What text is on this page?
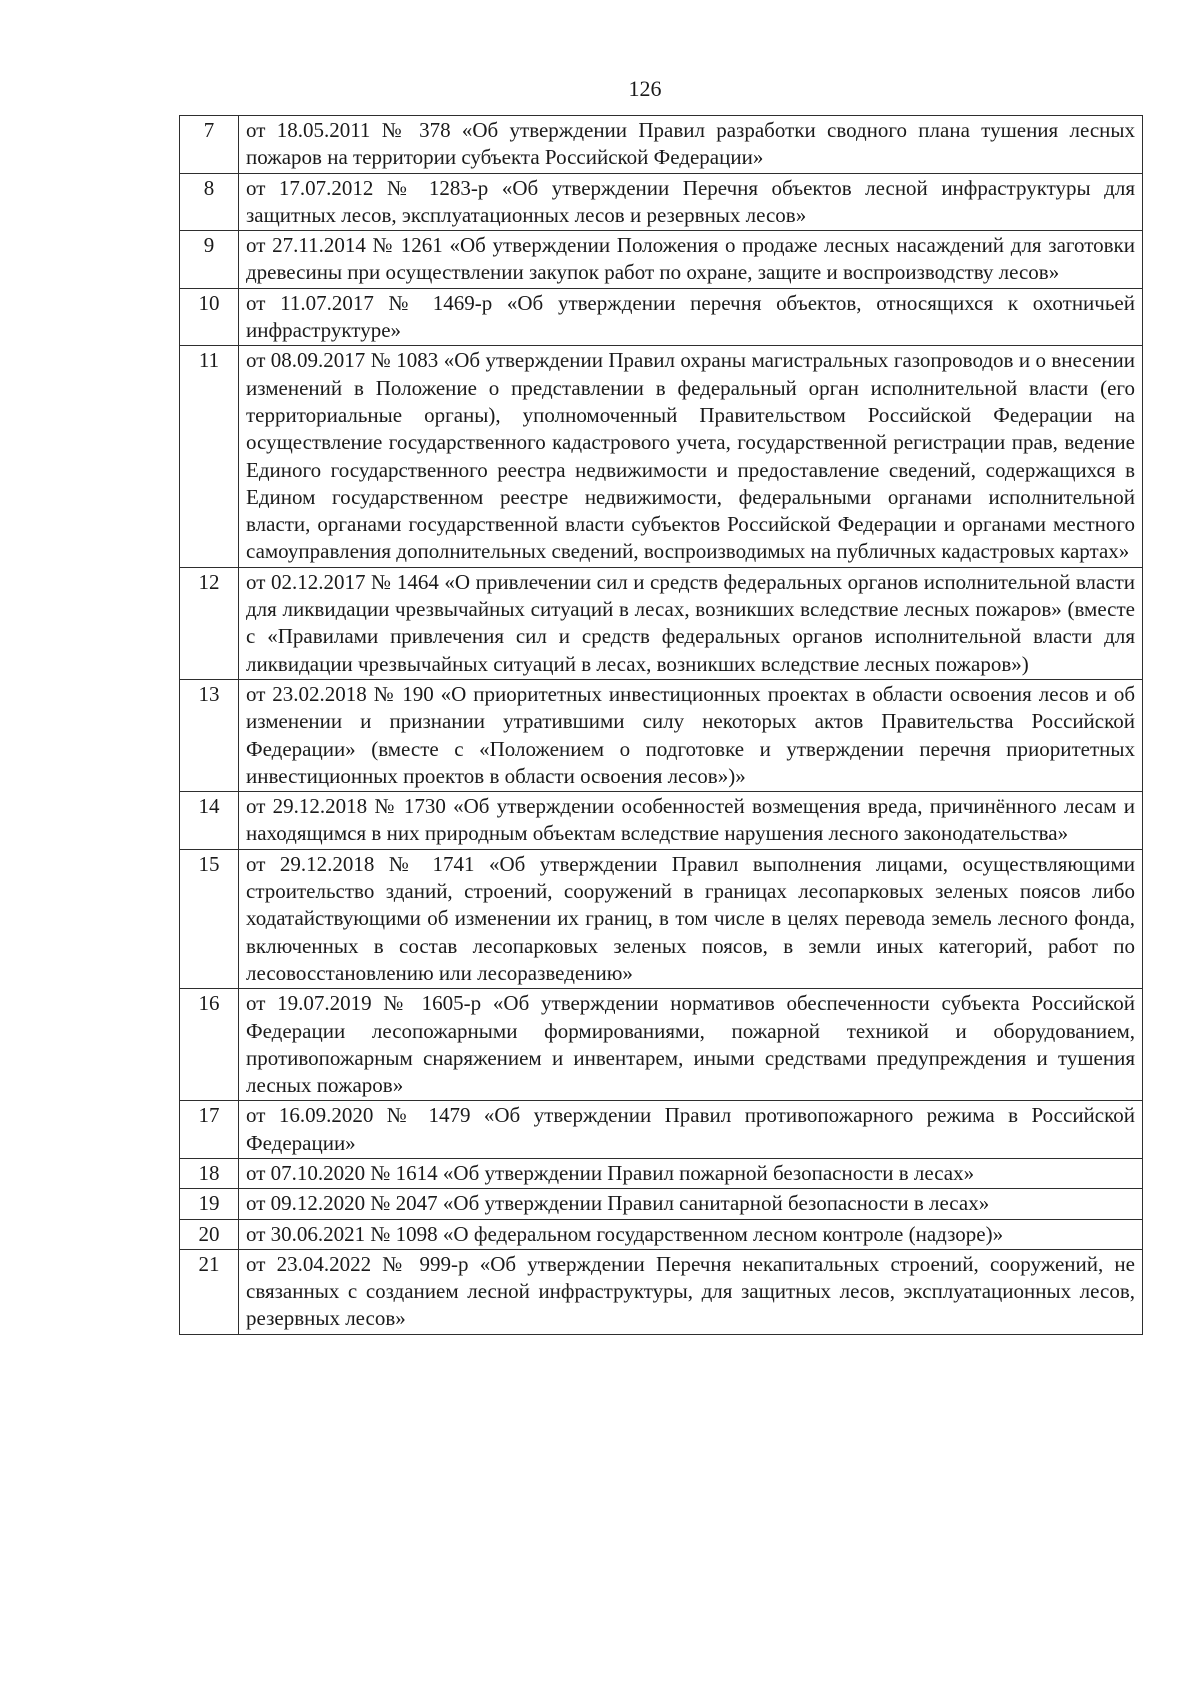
126
7	от 18.05.2011 № 378 «Об утверждении Правил разработки сводного плана тушения лесных пожаров на территории субъекта Российской Федерации»
8	от 17.07.2012 № 1283-р «Об утверждении Перечня объектов лесной инфраструктуры для защитных лесов, эксплуатационных лесов и резервных лесов»
9	от 27.11.2014 № 1261 «Об утверждении Положения о продаже лесных насаждений для заготовки древесины при осуществлении закупок работ по охране, защите и воспроизводству лесов»
10	от 11.07.2017 № 1469-р «Об утверждении перечня объектов, относящихся к охотничьей инфраструктуре»
11	от 08.09.2017 № 1083 «Об утверждении Правил охраны магистральных газопроводов и о внесении изменений в Положение о представлении в федеральный орган исполнительной власти (его территориальные органы), уполномоченный Правительством Российской Федерации на осуществление государственного кадастрового учета, государственной регистрации прав, ведение Единого государственного реестра недвижимости и предоставление сведений, содержащихся в Едином государственном реестре недвижимости, федеральными органами исполнительной власти, органами государственной власти субъектов Российской Федерации и органами местного самоуправления дополнительных сведений, воспроизводимых на публичных кадастровых картах»
12	от 02.12.2017 № 1464 «О привлечении сил и средств федеральных органов исполнительной власти для ликвидации чрезвычайных ситуаций в лесах, возникших вследствие лесных пожаров» (вместе с «Правилами привлечения сил и средств федеральных органов исполнительной власти для ликвидации чрезвычайных ситуаций в лесах, возникших вследствие лесных пожаров»)
13	от 23.02.2018 № 190 «О приоритетных инвестиционных проектах в области освоения лесов и об изменении и признании утратившими силу некоторых актов Правительства Российской Федерации» (вместе с «Положением о подготовке и утверждении перечня приоритетных инвестиционных проектов в области освоения лесов»)»
14	от 29.12.2018 № 1730 «Об утверждении особенностей возмещения вреда, причинённого лесам и находящимся в них природным объектам вследствие нарушения лесного законодательства»
15	от 29.12.2018 № 1741 «Об утверждении Правил выполнения лицами, осуществляющими строительство зданий, строений, сооружений в границах лесопарковых зеленых поясов либо ходатайствующими об изменении их границ, в том числе в целях перевода земель лесного фонда, включенных в состав лесопарковых зеленых поясов, в земли иных категорий, работ по лесовосстановлению или лесоразведению»
16	от 19.07.2019 № 1605-р «Об утверждении нормативов обеспеченности субъекта Российской Федерации лесопожарными формированиями, пожарной техникой и оборудованием, противопожарным снаряжением и инвентарем, иными средствами предупреждения и тушения лесных пожаров»
17	от 16.09.2020 № 1479 «Об утверждении Правил противопожарного режима в Российской Федерации»
18	от 07.10.2020 № 1614 «Об утверждении Правил пожарной безопасности в лесах»
19	от 09.12.2020 № 2047 «Об утверждении Правил санитарной безопасности в лесах»
20	от 30.06.2021 № 1098 «О федеральном государственном лесном контроле (надзоре)»
21	от 23.04.2022 № 999-р «Об утверждении Перечня некапитальных строений, сооружений, не связанных с созданием лесной инфраструктуры, для защитных лесов, эксплуатационных лесов, резервных лесов»
